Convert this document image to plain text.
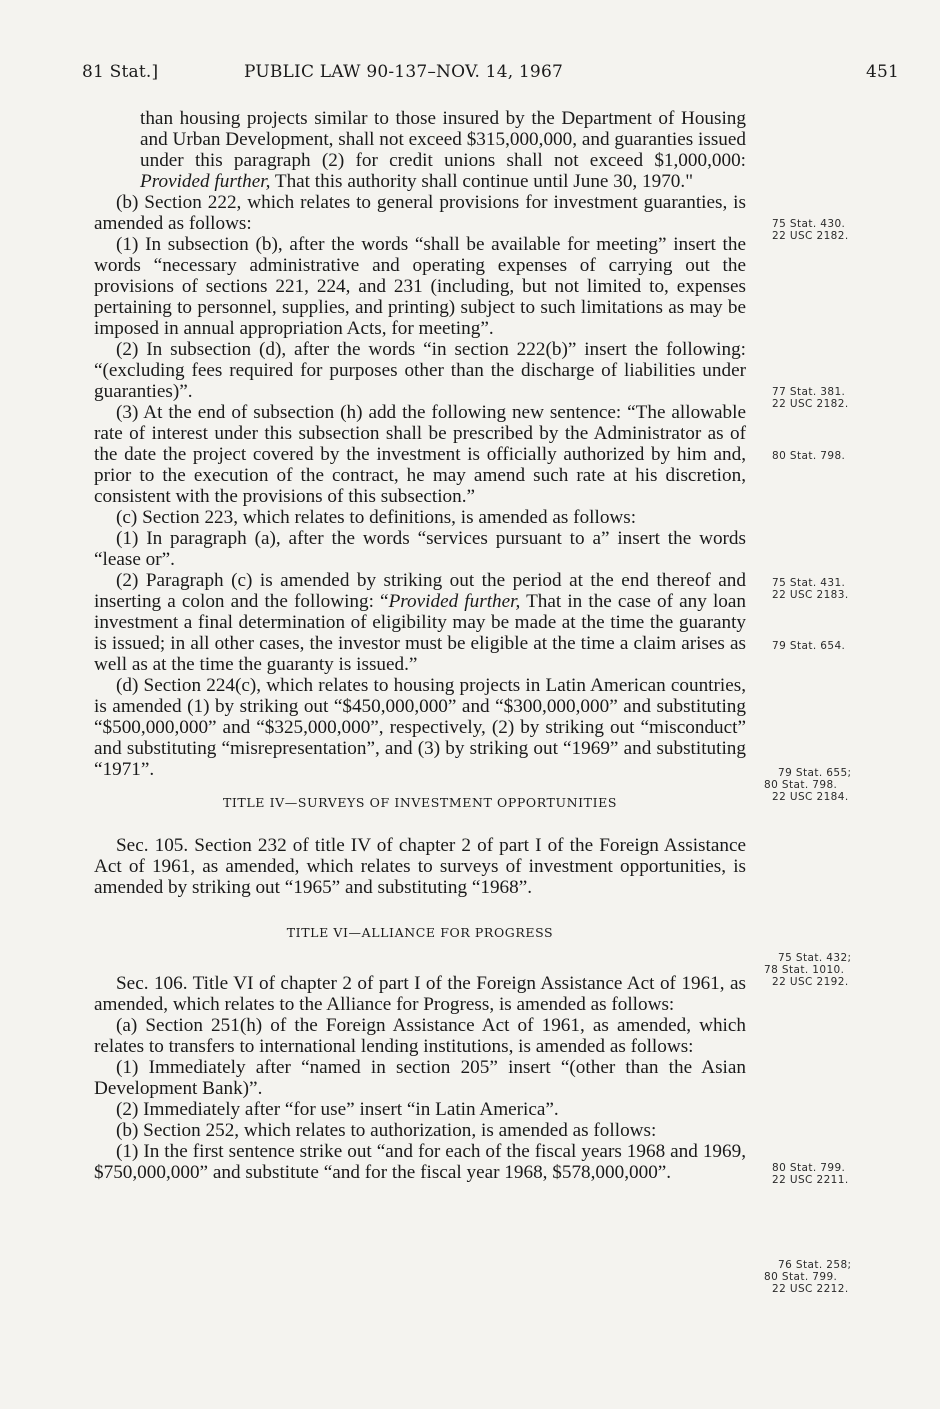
81 Stat.]	PUBLIC LAW 90-137–NOV. 14, 1967	451

than housing projects similar to those insured by the Department of Housing and Urban Development, shall not exceed $315,000,000, and guaranties issued under this paragraph (2) for credit unions shall not exceed $1,000,000: Provided further, That this authority shall continue until June 30, 1970."

(b) Section 222, which relates to general provisions for investment guaranties, is amended as follows:

(1) In subsection (b), after the words “shall be available for meeting” insert the words “necessary administrative and operating expenses of carrying out the provisions of sections 221, 224, and 231 (including, but not limited to, expenses pertaining to personnel, supplies, and printing) subject to such limitations as may be imposed in annual appropriation Acts, for meeting”.

(2) In subsection (d), after the words “in section 222(b)” insert the following: “(excluding fees required for purposes other than the discharge of liabilities under guaranties)”.

(3) At the end of subsection (h) add the following new sentence: “The allowable rate of interest under this subsection shall be prescribed by the Administrator as of the date the project covered by the investment is officially authorized by him and, prior to the execution of the contract, he may amend such rate at his discretion, consistent with the provisions of this subsection.”

(c) Section 223, which relates to definitions, is amended as follows:

(1) In paragraph (a), after the words “services pursuant to a” insert the words “lease or”.

(2) Paragraph (c) is amended by striking out the period at the end thereof and inserting a colon and the following: “Provided further, That in the case of any loan investment a final determination of eligibility may be made at the time the guaranty is issued; in all other cases, the investor must be eligible at the time a claim arises as well as at the time the guaranty is issued.”

(d) Section 224(c), which relates to housing projects in Latin American countries, is amended (1) by striking out “$450,000,000” and “$300,000,000” and substituting “$500,000,000” and “$325,000,000”, respectively, (2) by striking out “misconduct” and substituting “misrepresentation”, and (3) by striking out “1969” and substituting “1971”.

TITLE IV—SURVEYS OF INVESTMENT OPPORTUNITIES

Sec. 105. Section 232 of title IV of chapter 2 of part I of the Foreign Assistance Act of 1961, as amended, which relates to surveys of investment opportunities, is amended by striking out “1965” and substituting “1968”.

TITLE VI—ALLIANCE FOR PROGRESS

Sec. 106. Title VI of chapter 2 of part I of the Foreign Assistance Act of 1961, as amended, which relates to the Alliance for Progress, is amended as follows:

(a) Section 251(h) of the Foreign Assistance Act of 1961, as amended, which relates to transfers to international lending institutions, is amended as follows:

(1) Immediately after “named in section 205” insert “(other than the Asian Development Bank)”.

(2) Immediately after “for use” insert “in Latin America”.

(b) Section 252, which relates to authorization, is amended as follows:

(1) In the first sentence strike out “and for each of the fiscal years 1968 and 1969, $750,000,000” and substitute “and for the fiscal year 1968, $578,000,000”.

75 Stat. 430.
22 USC 2182.
77 Stat. 381.
22 USC 2182.
80 Stat. 798.
75 Stat. 431.
22 USC 2183.
79 Stat. 654.
79 Stat. 655;
80 Stat. 798.
22 USC 2184.
75 Stat. 432;
78 Stat. 1010.
22 USC 2192.
80 Stat. 799.
22 USC 2211.
76 Stat. 258;
80 Stat. 799.
22 USC 2212.
